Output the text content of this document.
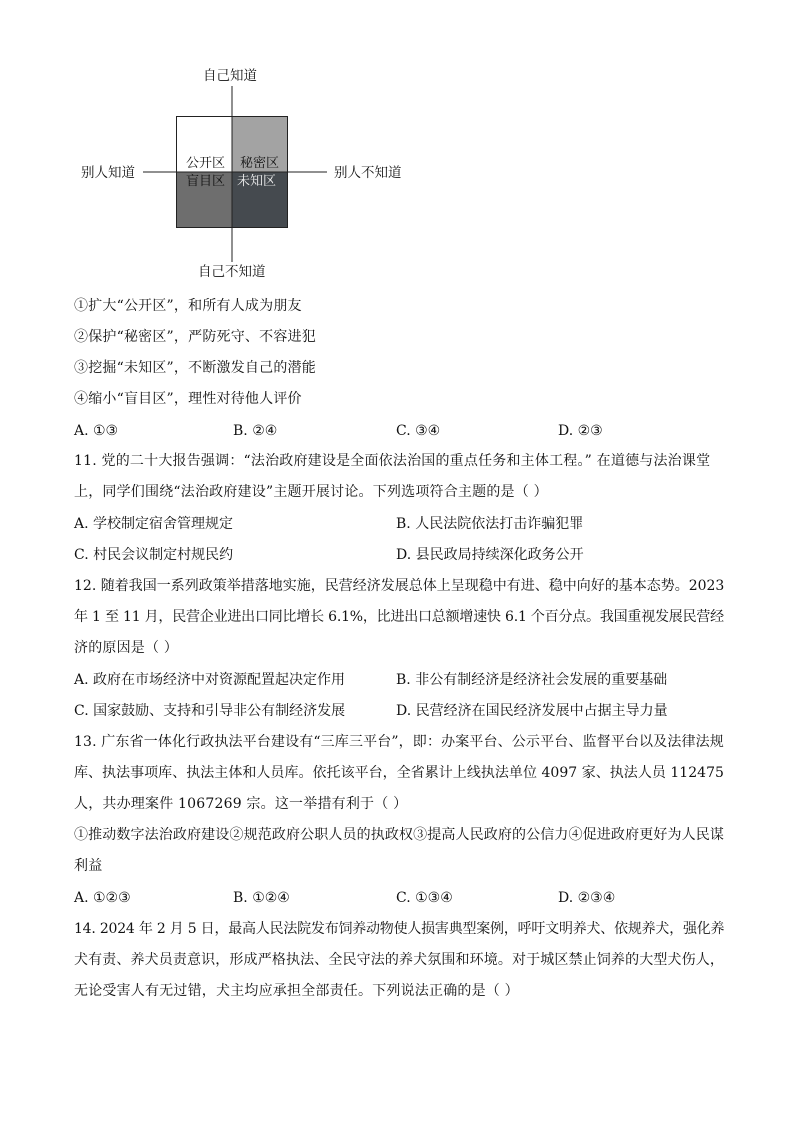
自己知道
自己不知道
别人知道	别人不知道
公开区 秘密区
盲目区 未知区
①扩大“公开区”，和所有人成为朋友
②保护“秘密区”，严防死守、不容进犯
③挖掘“未知区”，不断激发自己的潜能
④缩小“盲目区”，理性对待他人评价
A. ①③	B. ②④	C. ③④	D. ②③
11. 党的二十大报告强调：“法治政府建设是全面依法治国的重点任务和主体工程。” 在道德与法治课堂
上，同学们围绕“法治政府建设”主题开展讨论。下列选项符合主题的是（ ）
A. 学校制定宿舍管理规定	B. 人民法院依法打击诈骗犯罪
C. 村民会议制定村规民约	D. 县民政局持续深化政务公开
12. 随着我国一系列政策举措落地实施，民营经济发展总体上呈现稳中有进、稳中向好的基本态势。2023
年 1 至 11 月，民营企业进出口同比增长 6.1%，比进出口总额增速快 6.1 个百分点。我国重视发展民营经
济的原因是（ ）
A. 政府在市场经济中对资源配置起决定作用	B. 非公有制经济是经济社会发展的重要基础
C. 国家鼓励、支持和引导非公有制经济发展	D. 民营经济在国民经济发展中占据主导力量
13. 广东省一体化行政执法平台建设有“三库三平台”，即：办案平台、公示平台、监督平台以及法律法规
库、执法事项库、执法主体和人员库。依托该平台，全省累计上线执法单位 4097 家、执法人员 112475
人，共办理案件 1067269 宗。这一举措有利于（ ）
①推动数字法治政府建设②规范政府公职人员的执政权③提高人民政府的公信力④促进政府更好为人民谋
利益
A. ①②③	B. ①②④	C. ①③④	D. ②③④
14. 2024 年 2 月 5 日，最高人民法院发布饲养动物使人损害典型案例，呼吁文明养犬、依规养犬，强化养
犬有责、养犬员责意识，形成严格执法、全民守法的养犬氛围和环境。对于城区禁止饲养的大型犬伤人，
无论受害人有无过错，犬主均应承担全部责任。下列说法正确的是（ ）
